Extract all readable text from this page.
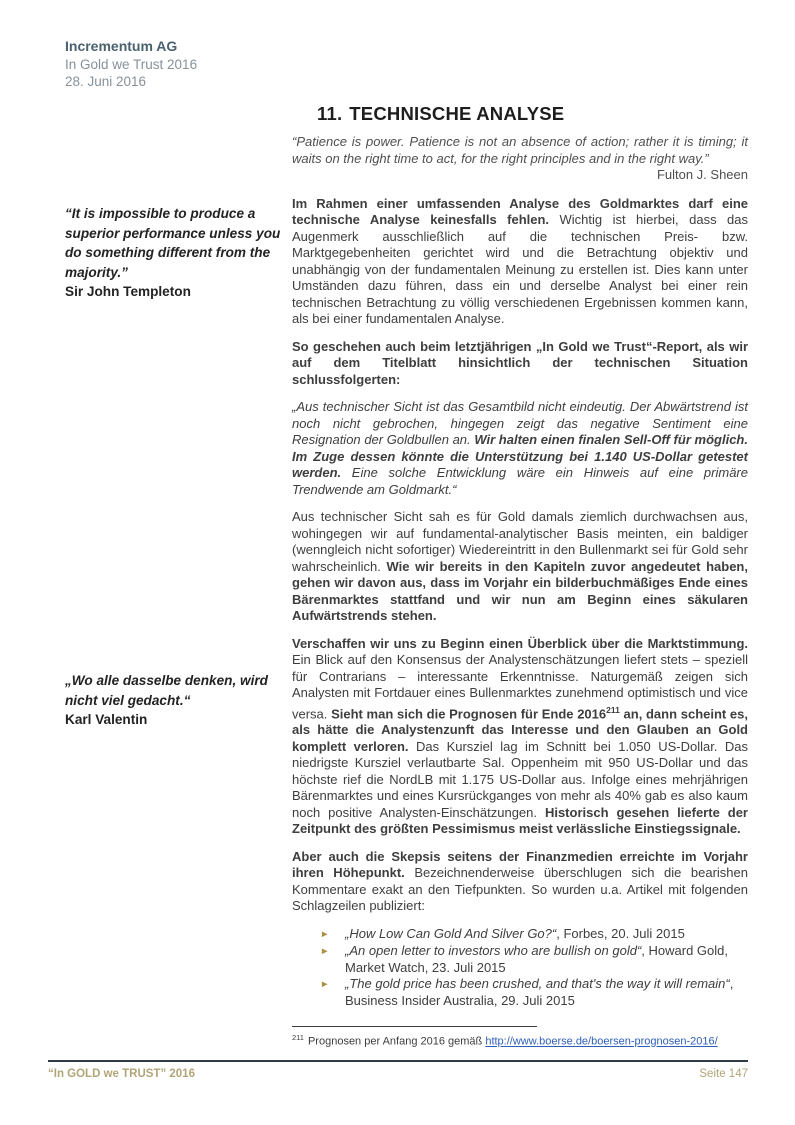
Incrementum AG
In Gold we Trust 2016
28. Juni 2016
“It is impossible to produce a superior performance unless you do something different from the majority.”
Sir John Templeton
„Wo alle dasselbe denken, wird nicht viel gedacht.“
Karl Valentin
11. TECHNISCHE ANALYSE
“Patience is power. Patience is not an absence of action; rather it is timing; it waits on the right time to act, for the right principles and in the right way.”
Fulton J. Sheen
Im Rahmen einer umfassenden Analyse des Goldmarktes darf eine technische Analyse keinesfalls fehlen. Wichtig ist hierbei, dass das Augenmerk ausschließlich auf die technischen Preis- bzw. Marktgegebenheiten gerichtet wird und die Betrachtung objektiv und unabhängig von der fundamentalen Meinung zu erstellen ist. Dies kann unter Umständen dazu führen, dass ein und derselbe Analyst bei einer rein technischen Betrachtung zu völlig verschiedenen Ergebnissen kommen kann, als bei einer fundamentalen Analyse.
So geschehen auch beim letztjährigen „In Gold we Trust“-Report, als wir auf dem Titelblatt hinsichtlich der technischen Situation schlussfolgerten:
„Aus technischer Sicht ist das Gesamtbild nicht eindeutig. Der Abwärtstrend ist noch nicht gebrochen, hingegen zeigt das negative Sentiment eine Resignation der Goldbullen an. Wir halten einen finalen Sell-Off für möglich. Im Zuge dessen könnte die Unterstützung bei 1.140 US-Dollar getestet werden. Eine solche Entwicklung wäre ein Hinweis auf eine primäre Trendwende am Goldmarkt.“
Aus technischer Sicht sah es für Gold damals ziemlich durchwachsen aus, wohingegen wir auf fundamental-analytischer Basis meinten, ein baldiger (wenngleich nicht sofortiger) Wiedereintritt in den Bullenmarkt sei für Gold sehr wahrscheinlich. Wie wir bereits in den Kapiteln zuvor angedeutet haben, gehen wir davon aus, dass im Vorjahr ein bilderbuchmäßiges Ende eines Bärenmarktes stattfand und wir nun am Beginn eines säkularen Aufwärtstrends stehen.
Verschaffen wir uns zu Beginn einen Überblick über die Marktstimmung. Ein Blick auf den Konsensus der Analystenschätzungen liefert stets – speziell für Contrarians – interessante Erkenntnisse. Naturgemäß zeigen sich Analysten mit Fortdauer eines Bullenmarktes zunehmend optimistisch und vice versa. Sieht man sich die Prognosen für Ende 2016$^{211}$ an, dann scheint es, als hätte die Analystenzunft das Interesse und den Glauben an Gold komplett verloren. Das Kursziel lag im Schnitt bei 1.050 US-Dollar. Das niedrigste Kursziel verlautbarte Sal. Oppenheim mit 950 US-Dollar und das höchste rief die NordLB mit 1.175 US-Dollar aus. Infolge eines mehrjährigen Bärenmarktes und eines Kursrückganges von mehr als 40% gab es also kaum noch positive Analysten-Einschätzungen. Historisch gesehen lieferte der Zeitpunkt des größten Pessimismus meist verlässliche Einstiegssignale.
Aber auch die Skepsis seitens der Finanzmedien erreichte im Vorjahr ihren Höhepunkt. Bezeichnenderweise überschlugen sich die bearishen Kommentare exakt an den Tiefpunkten. So wurden u.a. Artikel mit folgenden Schlagzeilen publiziert:
►	„How Low Can Gold And Silver Go?“, Forbes, 20. Juli 2015
►	„An open letter to investors who are bullish on gold“, Howard Gold, Market Watch, 23. Juli 2015
►	„The gold price has been crushed, and that's the way it will remain“, Business Insider Australia, 29. Juli 2015
$^{211}$ Prognosen per Anfang 2016 gemäß http://www.boerse.de/boersen-prognosen-2016/
“In GOLD we TRUST” 2016	Seite 147
